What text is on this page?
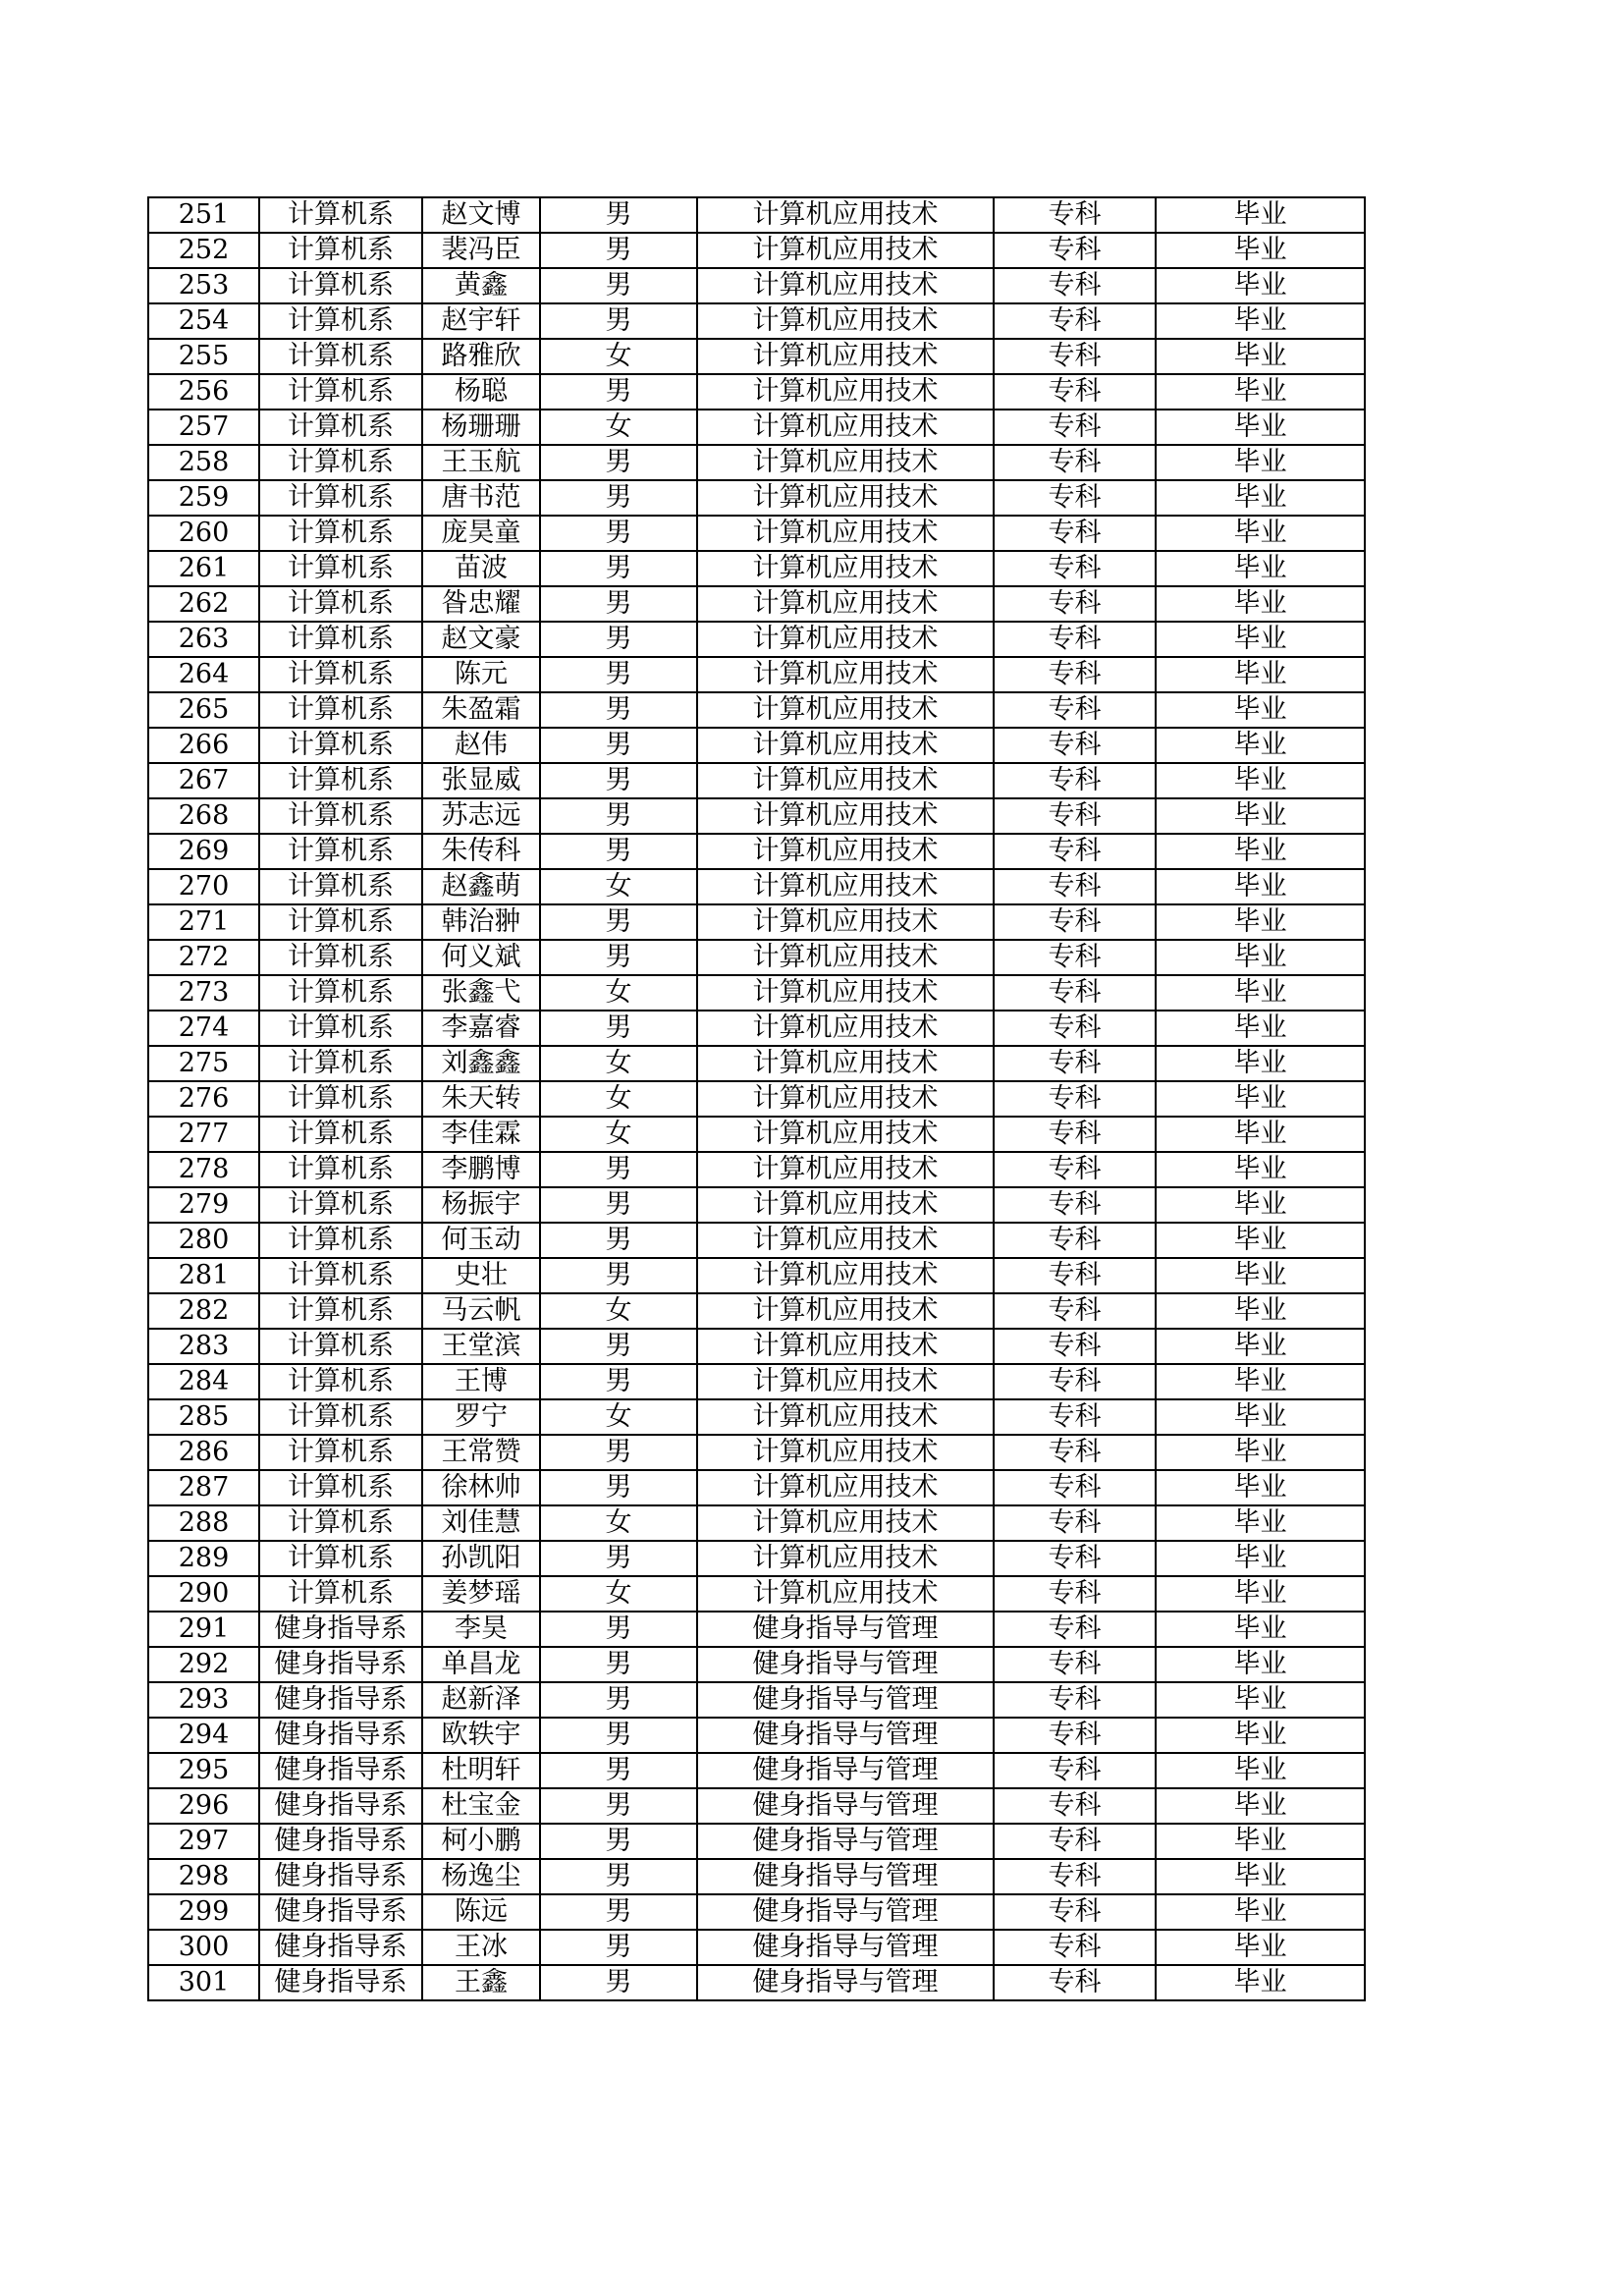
251	计算机系	赵文博	男	计算机应用技术	专科	毕业
252	计算机系	裴冯臣	男	计算机应用技术	专科	毕业
253	计算机系	黄鑫	男	计算机应用技术	专科	毕业
254	计算机系	赵宇轩	男	计算机应用技术	专科	毕业
255	计算机系	路雅欣	女	计算机应用技术	专科	毕业
256	计算机系	杨聪	男	计算机应用技术	专科	毕业
257	计算机系	杨珊珊	女	计算机应用技术	专科	毕业
258	计算机系	王玉航	男	计算机应用技术	专科	毕业
259	计算机系	唐书范	男	计算机应用技术	专科	毕业
260	计算机系	庞昊童	男	计算机应用技术	专科	毕业
261	计算机系	苗波	男	计算机应用技术	专科	毕业
262	计算机系	昝忠耀	男	计算机应用技术	专科	毕业
263	计算机系	赵文豪	男	计算机应用技术	专科	毕业
264	计算机系	陈元	男	计算机应用技术	专科	毕业
265	计算机系	朱盈霜	男	计算机应用技术	专科	毕业
266	计算机系	赵伟	男	计算机应用技术	专科	毕业
267	计算机系	张显威	男	计算机应用技术	专科	毕业
268	计算机系	苏志远	男	计算机应用技术	专科	毕业
269	计算机系	朱传科	男	计算机应用技术	专科	毕业
270	计算机系	赵鑫萌	女	计算机应用技术	专科	毕业
271	计算机系	韩治翀	男	计算机应用技术	专科	毕业
272	计算机系	何义斌	男	计算机应用技术	专科	毕业
273	计算机系	张鑫弋	女	计算机应用技术	专科	毕业
274	计算机系	李嘉睿	男	计算机应用技术	专科	毕业
275	计算机系	刘鑫鑫	女	计算机应用技术	专科	毕业
276	计算机系	朱天转	女	计算机应用技术	专科	毕业
277	计算机系	李佳霖	女	计算机应用技术	专科	毕业
278	计算机系	李鹏博	男	计算机应用技术	专科	毕业
279	计算机系	杨振宇	男	计算机应用技术	专科	毕业
280	计算机系	何玉动	男	计算机应用技术	专科	毕业
281	计算机系	史壮	男	计算机应用技术	专科	毕业
282	计算机系	马云帆	女	计算机应用技术	专科	毕业
283	计算机系	王堂滨	男	计算机应用技术	专科	毕业
284	计算机系	王博	男	计算机应用技术	专科	毕业
285	计算机系	罗宁	女	计算机应用技术	专科	毕业
286	计算机系	王常赞	男	计算机应用技术	专科	毕业
287	计算机系	徐林帅	男	计算机应用技术	专科	毕业
288	计算机系	刘佳慧	女	计算机应用技术	专科	毕业
289	计算机系	孙凯阳	男	计算机应用技术	专科	毕业
290	计算机系	姜梦瑶	女	计算机应用技术	专科	毕业
291	健身指导系	李昊	男	健身指导与管理	专科	毕业
292	健身指导系	单昌龙	男	健身指导与管理	专科	毕业
293	健身指导系	赵新泽	男	健身指导与管理	专科	毕业
294	健身指导系	欧轶宇	男	健身指导与管理	专科	毕业
295	健身指导系	杜明轩	男	健身指导与管理	专科	毕业
296	健身指导系	杜宝金	男	健身指导与管理	专科	毕业
297	健身指导系	柯小鹏	男	健身指导与管理	专科	毕业
298	健身指导系	杨逸尘	男	健身指导与管理	专科	毕业
299	健身指导系	陈远	男	健身指导与管理	专科	毕业
300	健身指导系	王冰	男	健身指导与管理	专科	毕业
301	健身指导系	王鑫	男	健身指导与管理	专科	毕业
